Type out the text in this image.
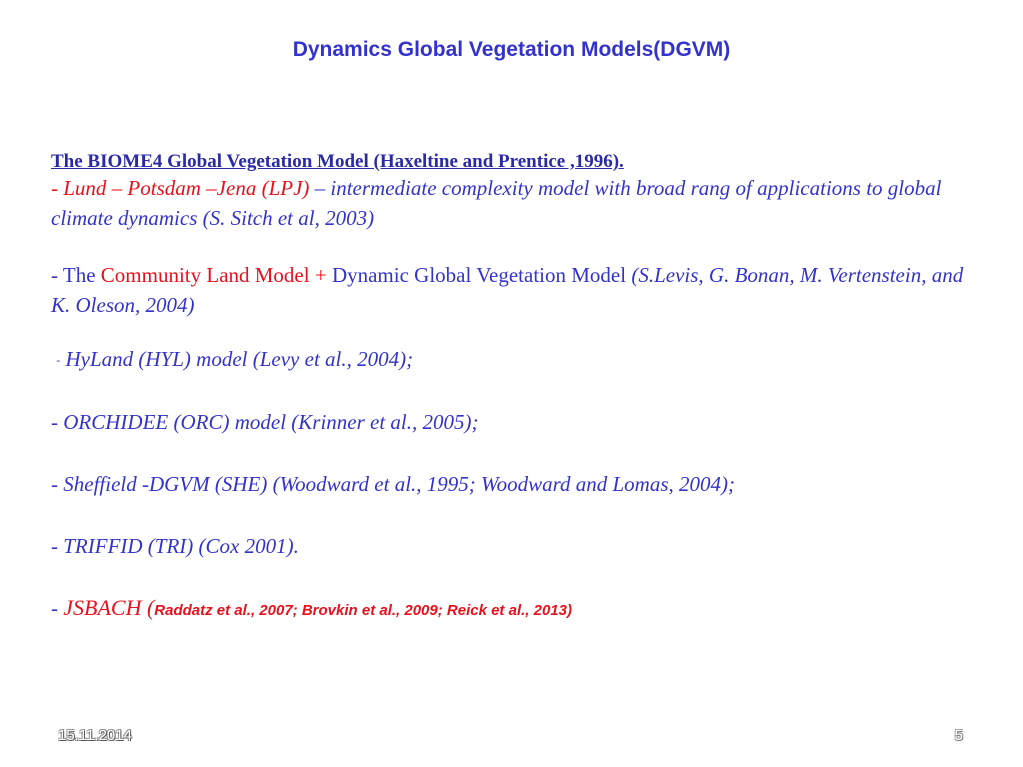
Dynamics Global Vegetation Models(DGVM)
The BIOME4 Global Vegetation Model (Haxeltine and Prentice ,1996).
- Lund – Potsdam –Jena (LPJ) – intermediate complexity model with broad rang of applications to global climate dynamics (S. Sitch et al, 2003)
- The Community Land Model + Dynamic Global Vegetation Model (S.Levis, G. Bonan, M. Vertenstein, and K. Oleson, 2004)
- HyLand (HYL) model (Levy et al., 2004);
- ORCHIDEE (ORC) model (Krinner et al., 2005);
- Sheffield -DGVM (SHE) (Woodward et al., 1995; Woodward and Lomas, 2004);
- TRIFFID (TRI) (Cox 2001).
- JSBACH (Raddatz et al., 2007; Brovkin et al., 2009; Reick et al., 2013)
15.11.2014	5
